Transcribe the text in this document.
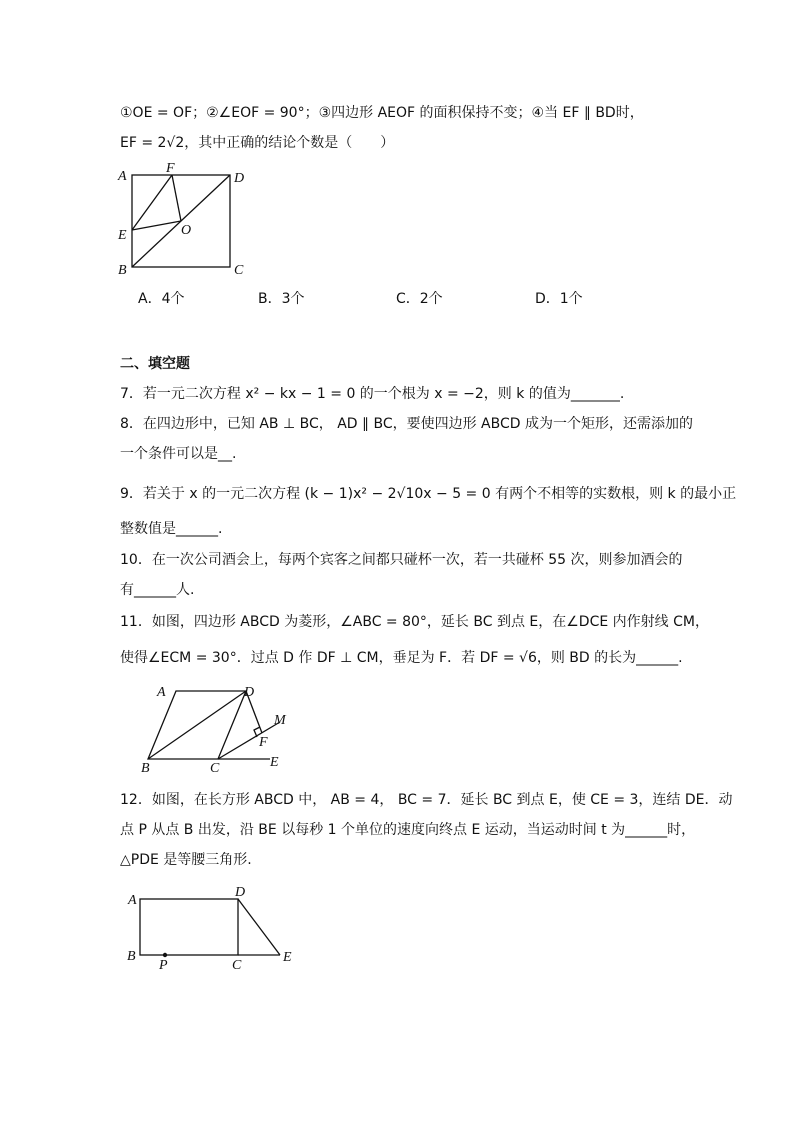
①OE = OF；②∠EOF = 90°；③四边形 AEOF 的面积保持不变；④当 EF ∥ BD时，
EF = 2√2，其中正确的结论个数是（　　）
A
F
D
E	O
B	C
A．4个	B．3个	C．2个	D．1个
二、填空题
7．若一元二次方程 x² − kx − 1 = 0 的一个根为 x = −2，则 k 的值为_______.
8．在四边形中，已知 AB ⊥ BC， AD ∥ BC，要使四边形 ABCD 成为一个矩形，还需添加的
一个条件可以是__.
9．若关于 x 的一元二次方程 (k − 1)x² − 2√10x − 5 = 0 有两个不相等的实数根，则 k 的最小正
整数值是______.
10．在一次公司酒会上，每两个宾客之间都只碰杯一次，若一共碰杯 55 次，则参加酒会的
有______人.
11．如图，四边形 ABCD 为菱形，∠ABC = 80°，延长 BC 到点 E，在∠DCE 内作射线 CM，
使得∠ECM = 30°．过点 D 作 DF ⊥ CM，垂足为 F．若 DF = √6，则 BD 的长为______.
A	D
M
F
B	C	E
12．如图，在长方形 ABCD 中， AB = 4， BC = 7．延长 BC 到点 E，使 CE = 3，连结 DE．动
点 P 从点 B 出发，沿 BE 以每秒 1 个单位的速度向终点 E 运动，当运动时间 t 为______时，
△PDE 是等腰三角形.
A
D
B
P	C
E
